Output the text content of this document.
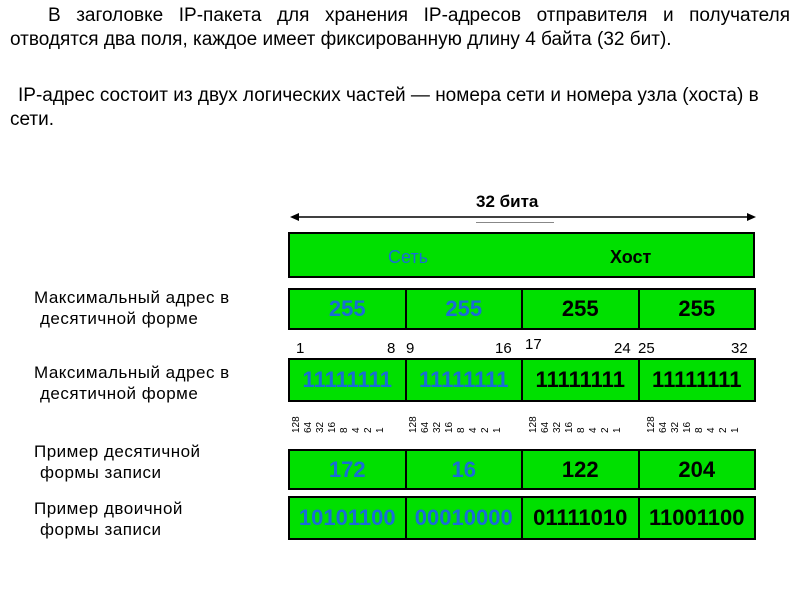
В заголовке IP-пакета для хранения IP-адресов отправителя и получателя отводятся два поля, каждое имеет фиксированную длину 4 байта (32 бит).

IP-адрес состоит из двух логических частей — номера сети и номера узла (хоста) в сети.

32 бита
Сеть	Хост
Максимальный адрес в
десятичной форме	255	255	255	255
1	8 9	16 17	24 25	32
Максимальный адрес в
десятичной форме
11111111	11111111	11111111	11111111
128 64 32 16 8 4 2 1 128 64 32 16 8 4 2 1	128 64 32 16 8 4 2 1 128 64 32 16 8 4 2 1
Пример десятичной
формы записи	172	16	122	204
Пример двоичной
формы записи	10101100 00010000 01111010 11001100
